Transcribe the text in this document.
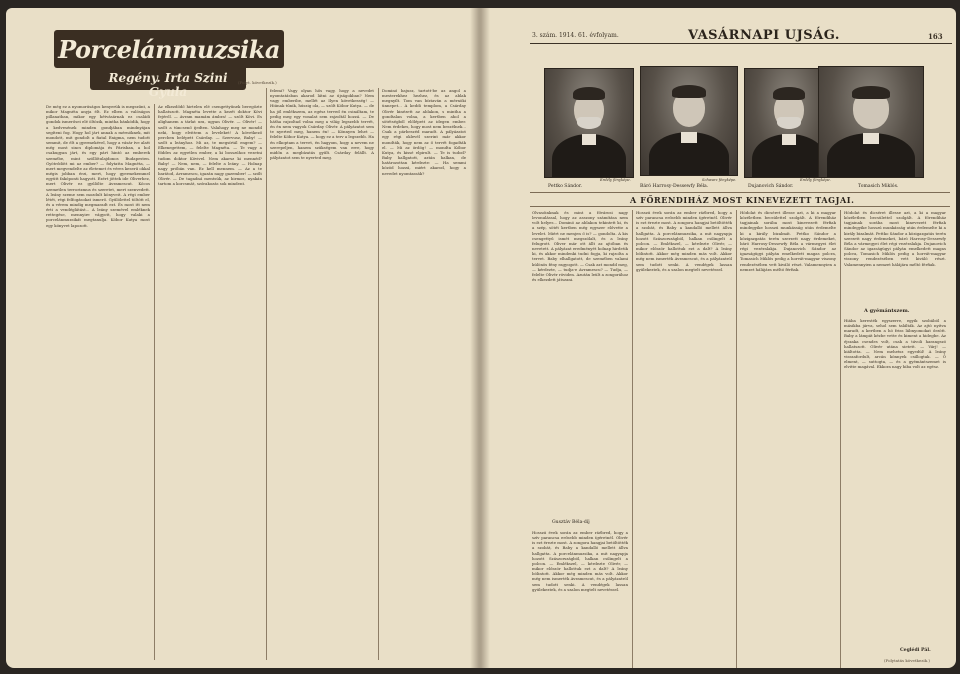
Porcelánmuzsika
Regény. Irta Szini Gyula
(Folyt. következik.)
De még ez a nyomorúságos kenyerük is megszűnt, a mikor Magnéta anyja élt. Ez elben a valóságos pillanatban, mikor egy hétvásárnak ez családi gondok ismerősei elé öltözik, mintha bánkódik, hogy a kedvesének minden gondjában mindnyájan segíteni fog. Hogy hol járt annak a mérnöknek, mit mondott, mit gondolt a fiatal Enigma, nem tudott semmit, de élt a gyermekével, hogy a vásár íve alatt még most sincs diplomája és Párisban, a hol csakugyan járt, és egy párt hintó az emberek szemébe, mint szöllőtulajdonos Budapesten. Gyötrődött mi az ember? — folytatta Magnéta, — mert megvendelte az életemet és véres keserű okkal mégis jobban érzi, mert, hogy gyermekemmel együtt fakóponti hagyott. Ezért jöttek ide Oliverhez, mert Olivér ez gyűlölte Avramescut. Kócos szemetlen terrorizmus és szeretet, mert szenvedett. A leány szeme sem mozdult könyveit. A régi ember létét, régi felfogásokat ismerő. Gyűlölettel töltött el, és a vérem mindig megmaradt ezt. És most itt nem érti a vendéglátást... A leány szemével emléknek rettegése, mennyire vágyott, hogy valaki a porcelánmuzsikát megtanulja. Kóbor Kutya most egy könyvet lapozott.
Az elkezdődő hirtelen elé csengettyűnek beregőzte hallatszott. Magnéta levette a kezét doktor Kövi fejéről. — Avram mamám ámbra! — szólt Kövi. Es alighanem a tárlat ura, ugyan Olivér. — Olivér! — szólt a tüncsenő ijedten. Valahogy meg ne mondd neki, hogy elvittem a leveleket! A következő percben belépett Csárday. — Szervusz, Baby! — szólt a leányhoz. Mi az, te megsírtál engem? — Elkenegettem, — felelte Magnéta. — Te vagy a főddes az egyetlen ember, a ki bosszúhoz vezetni tudom doktor Kövivel. Nem akarsz ki mennéd? Baby! — Nem, nem, — felelte a leány. — Holnap nagy próbán van. Ez kell mennem. — Az a te barátod, Avramescu, igazán nagy gazember! — szólt Olivér. — De tagadná mentsük, az hirmos, nyakán tartom a korcsmát, szórakozás sok mindent.
felemi? Vagy olyan hős vagy, hogy a nevedet nyomtatásban akarod látni az újságokban? Nem vagy emberibe, mellét az Ilyen követkesség! — Hiúnak tűnik, húszig ola, — szólt Kóbor Kutya. — de ha jól emlékszem, az egész terved én csináltam, te pedig meg egy vonalat sem rajzoltál hozzá. — De hátha rajzoltad volna meg a világ legszebb tervét, én én nem vagyok Csárday Olivér. A pályázatot sem te nyerted meg, hanem én! — Könnyen lehet — felelte Kóbor Kutya. — hogy ez a terv a legszebb. Ha én elkoptam a tervet, én hagyom, hogy a nevem ne szerepeljen, hanem szükségem van erre, hogy midőn a megbízatás gyűlt. Csárday felállt. A pályázatot sem te nyerted meg.
Dominó bajusz, tartott-be az angol a mesterekhez hezhez, és az ablak megnyílt. Tom van bíztaván a mérnöki ünnepet... A keddi templom, a Csárday Olivér kinézett az ablakon, s mintha a gondtalan volna, a kertben ahol a sötétségből előlépett az idegen ember. Nem érdekes, hogy most nem beszélnek... Csak a párbeszéd maradt. A pályázatot egy régi oklevél szerint már akkor mondták, hogy nem az ő tervét fogadták el. — Mi az ördög! — mondta Kóbor Kutya, és kissé elpirult. — Te is tudod? Baby hallgatott, aztán halkan, de határozottan kérdezte: — Ha semmi közöd hozzá, miért akarod, hogy a nevedet nyomtassák?
3. szám. 1914. 61. évfolyam.	VASÁRNAPI UJSÁG.	163
Erdély fényképe.
Pettko Sándor.
Schwarz fényképe.
Báró Harrosy-Dessewfy Béla.
Erdély fényképe.
Dujanovich Sándor.	Tomasich Miklós.
A FŐRENDIHÁZ MOST KINEVEZETT TAGJAI.
Olvasóinknak és mint a fővárosi nagy levonulással, hogy az asszony számítása nem volt helyes... Dominó az ablakon tekintett ki, és a szép, sötét kertben még egyszer elővette a levelet. Miért ne menjen ő is? — gondolta. A kis csengettyű ismét megszólalt, és a leány felugrott. Oliver már ott állt az ajtóban és nevetett. A pályázat eredményét holnap hirdetik ki, és akkor mindenki tudni fogja, ki rajzolta a tervet. Baby elhallgatott, de szemében valami különös fény ragyogott. — Csak azt mondd meg, — kérdezte, — tudja-e Avramescu? — Tudja, — felelte Olivér röviden. Azután leült a zongorához és elkezdett játszani.
Gusztáv Béla-díj
Hosszú évek során az ember ráébred, hogy a szív parancsa erősebb minden ígéretnél. Olivér is ezt érezte most. A zongora hangjai betöltötték a szobát, és Baby a kandalló mellett állva hallgatta. A porcelánmuzsika, a mit nagyapja hozott Szászországból, halkan csilingelt a polcon. — Emlékszel, — kérdezte Olivér, — mikor először hallottuk ezt a dalt? A leány bólintott. Akkor még minden más volt. Akkor még nem ismerték Avramescut, és a pályázatról sem tudott senki. A vendégek lassan gyülekeztek, és a szalon megtelt nevetéssel.
Hosszú évek során az ember ráébred, hogy a szív parancsa erősebb minden ígéretnél. Olivér is ezt érezte most. A zongora hangjai betöltötték a szobát, és Baby a kandalló mellett állva hallgatta. A porcelánmuzsika, a mit nagyapja hozott Szászországból, halkan csilingelt a polcon. — Emlékszel, — kérdezte Olivér, — mikor először hallottuk ezt a dalt? A leány bólintott. Akkor még minden más volt. Akkor még nem ismerték Avramescut, és a pályázatról sem tudott senki. A vendégek lassan gyülekeztek, és a szalon megtelt nevetéssel.
Hódolat és dicséret illesse azt, a ki a magyar közéletben becsülettel szolgált. A főrendiház tagjainak sorába most kinevezett férfiak mindegyike hosszú munkásság után érdemelte ki a király bizalmát. Pettko Sándor a közigazgatás terén szerzett nagy érdemeket, báró Harrosy-Dessewfy Béla a vármegyei élet régi vezéralakja. Dujanovich Sándor az igazságügyi pályán emelkedett magas polcra, Tomasich Miklós pedig a horvát-magyar viszony rendezésében vett kiváló részt. Valamennyien a nemzet hálájára méltó férfiak.
Hódolat és dicséret illesse azt, a ki a magyar közéletben becsülettel szolgált. A főrendiház tagjainak sorába most kinevezett férfiak mindegyike hosszú munkásság után érdemelte ki a király bizalmát. Pettko Sándor a közigazgatás terén szerzett nagy érdemeket, báró Harrosy-Dessewfy Béla a vármegyei élet régi vezéralakja. Dujanovich Sándor az igazságügyi pályán emelkedett magas polcra, Tomasich Miklós pedig a horvát-magyar viszony rendezésében vett kiváló részt. Valamennyien a nemzet hálájára méltó férfiak.
A gyémántszem.
Hiába keresték egyszerre, egyik szobából a másikba járva, sehol sem találták. Az ajtó nyitva maradt, a kertben a hó friss lábnyomokat őrzött. Baby a lámpát kézbe vette és kiment a hidegbe. Az éjszaka csendes volt, csak a távoli harangszó hallatszott. Olivér utána sietett. — Várj! — kiáltotta. — Nem mehetsz egyedül! A leány visszafordult, arcán könnyek csillogtak. — Ő elment, — suttogta, — és a gyémántszemet is elvitte magával. Ekkora nagy hiba volt az egész.
Ceglédi Pál.
(Folytatás következik.)
